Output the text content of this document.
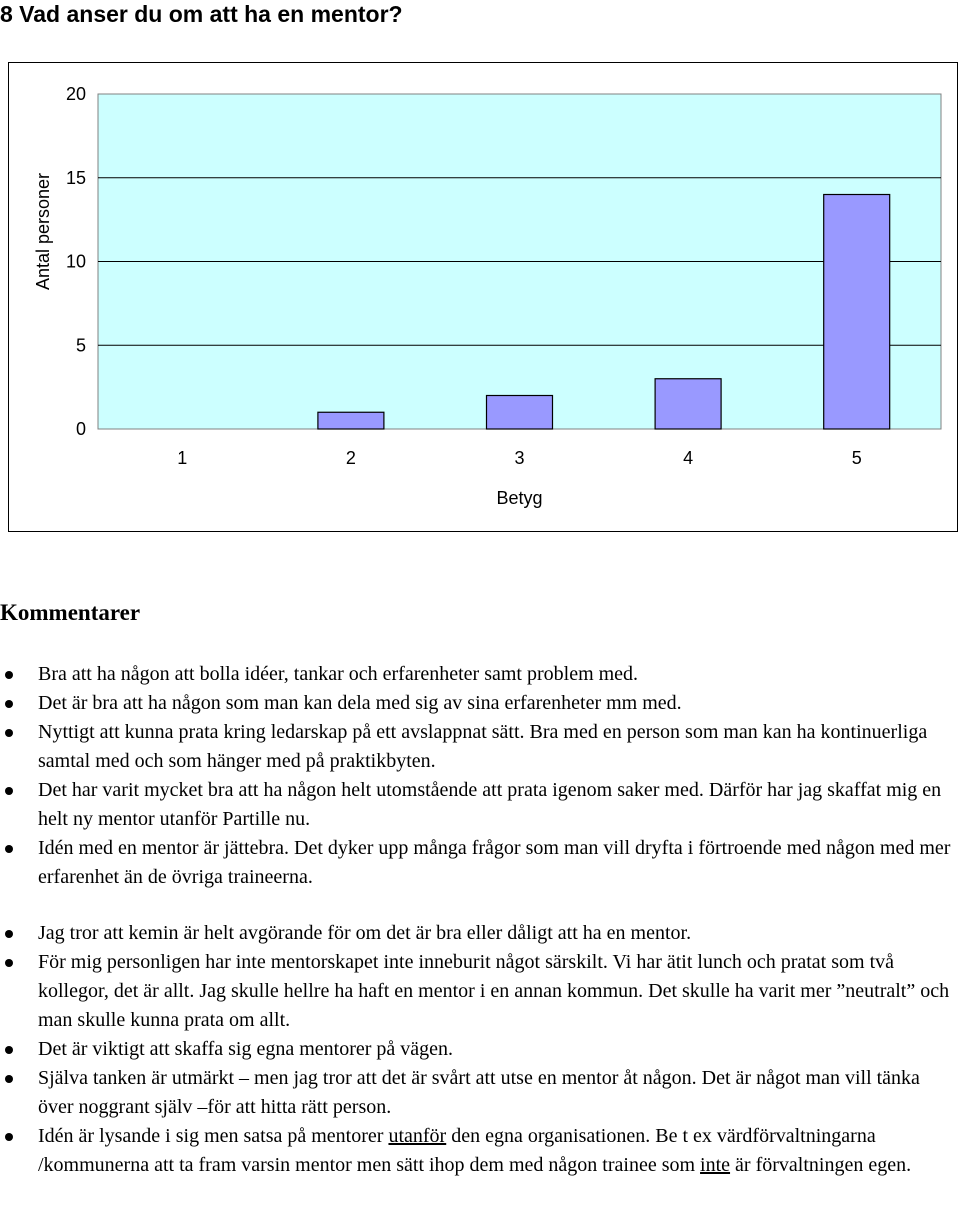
8 Vad anser du om att ha en mentor?
0
5
10
15
20
1	2	3	4	5
Betyg
Antal personer
Kommentarer
Bra att ha någon att bolla idéer, tankar och erfarenheter samt problem med.
Det är bra att ha någon som man kan dela med sig av sina erfarenheter mm med.
Nyttigt att kunna prata kring ledarskap på ett avslappnat sätt. Bra med en person som man kan ha kontinuerliga samtal med och som hänger med på praktikbyten.
Det har varit mycket bra att ha någon helt utomstående att prata igenom saker med. Därför har jag skaffat mig en helt ny mentor utanför Partille nu.
Idén med en mentor är jättebra. Det dyker upp många frågor som man vill dryfta i förtroende med någon med mer erfarenhet än de övriga traineerna.
Jag tror att kemin är helt avgörande för om det är bra eller dåligt att ha en mentor.
För mig personligen har inte mentorskapet inte inneburit något särskilt. Vi har ätit lunch och pratat som två kollegor, det är allt. Jag skulle hellre ha haft en mentor i en annan kommun. Det skulle ha varit mer ”neutralt” och man skulle kunna prata om allt.
Det är viktigt att skaffa sig egna mentorer på vägen.
Själva tanken är utmärkt – men jag tror att det är svårt att utse en mentor åt någon. Det är något man vill tänka över noggrant själv –för att hitta rätt person.
Idén är lysande i sig men satsa på mentorer utanför den egna organisationen. Be t ex värdförvaltningarna /kommunerna att ta fram varsin mentor men sätt ihop dem med någon trainee som inte är förvaltningen egen.
